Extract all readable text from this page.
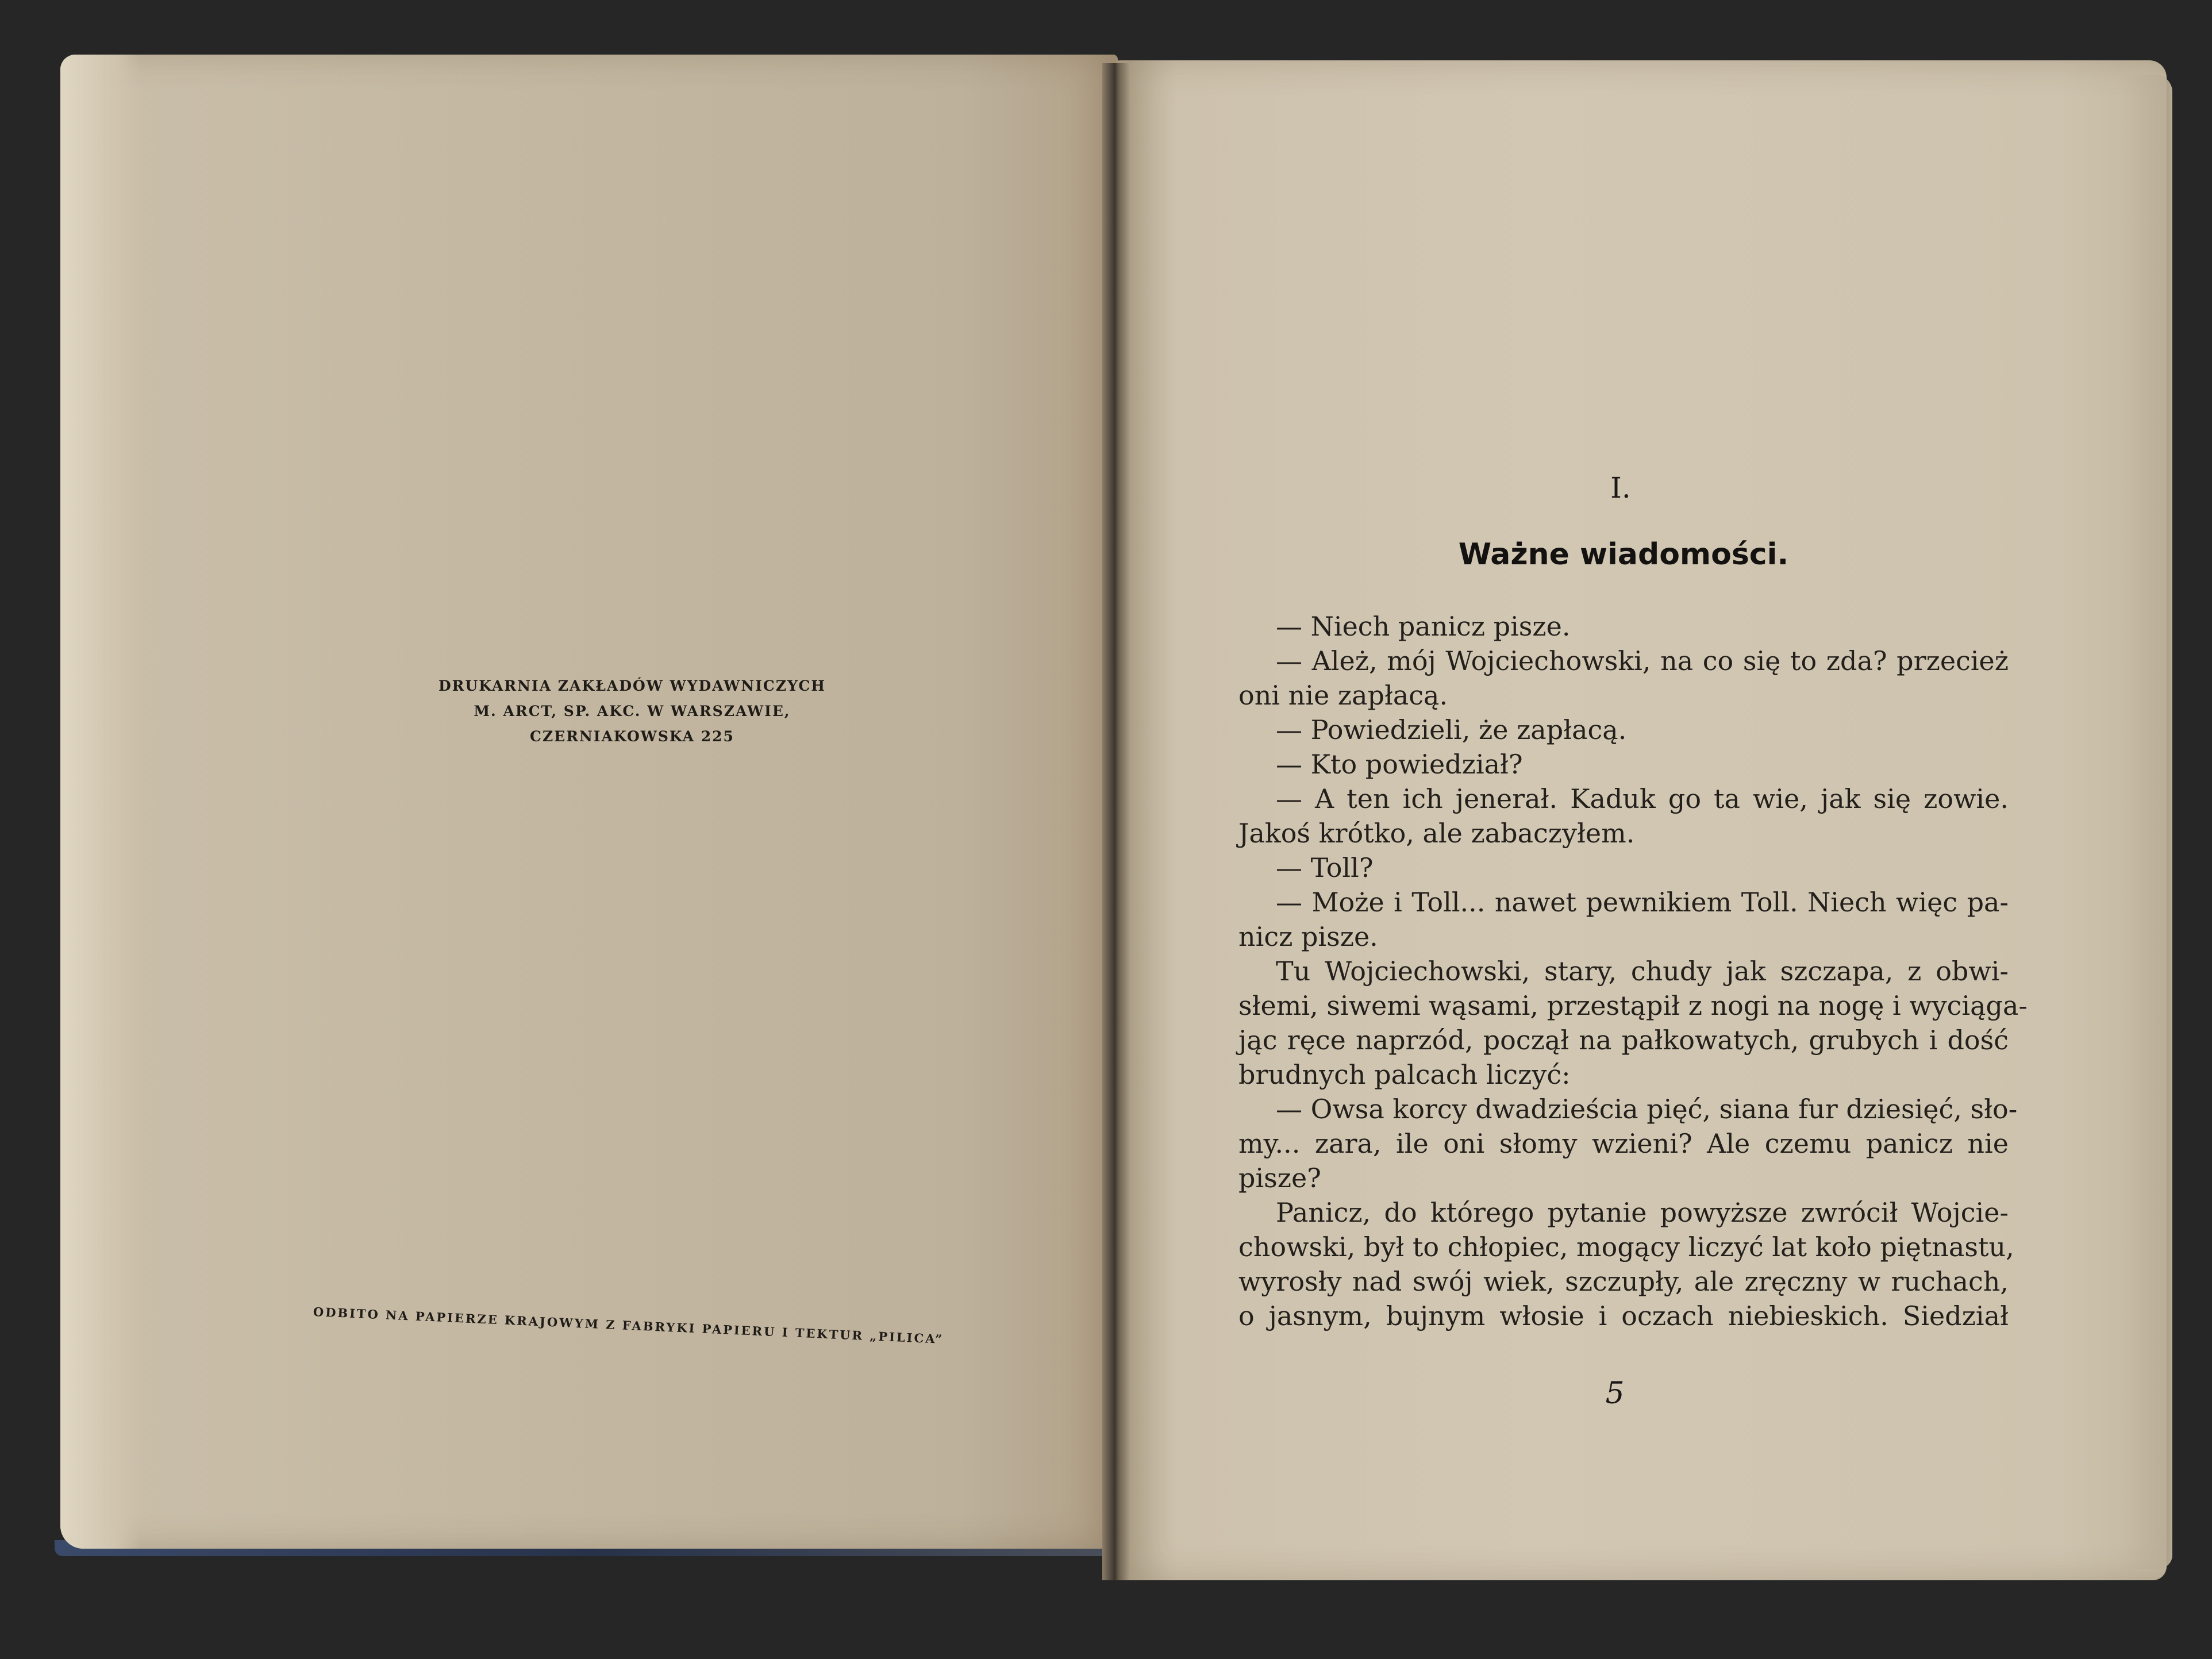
DRUKARNIA ZAKŁADÓW WYDAWNICZYCH
M. ARCT, SP. AKC. W WARSZAWIE,
CZERNIAKOWSKA 225
ODBITO NA PAPIERZE KRAJOWYM Z FABRYKI PAPIERU I TEKTUR „PILICA”
I.
Ważne wiadomości.
— Niech panicz pisze.
— Ależ, mój Wojciechowski, na co się to zda? przecież
oni nie zapłacą.
— Powiedzieli, że zapłacą.
— Kto powiedział?
— A ten ich jenerał. Kaduk go ta wie, jak się zowie.
Jakoś krótko, ale zabaczyłem.
— Toll?
— Może i Toll... nawet pewnikiem Toll. Niech więc pa-
nicz pisze.
Tu Wojciechowski, stary, chudy jak szczapa, z obwi-
słemi, siwemi wąsami, przestąpił z nogi na nogę i wyciąga-
jąc ręce naprzód, począł na pałkowatych, grubych i dość
brudnych palcach liczyć:
— Owsa korcy dwadzieścia pięć, siana fur dziesięć, sło-
my... zara, ile oni słomy wzieni? Ale czemu panicz nie
pisze?
Panicz, do którego pytanie powyższe zwrócił Wojcie-
chowski, był to chłopiec, mogący liczyć lat koło piętnastu,
wyrosły nad swój wiek, szczupły, ale zręczny w ruchach,
o jasnym, bujnym włosie i oczach niebieskich. Siedział
5
